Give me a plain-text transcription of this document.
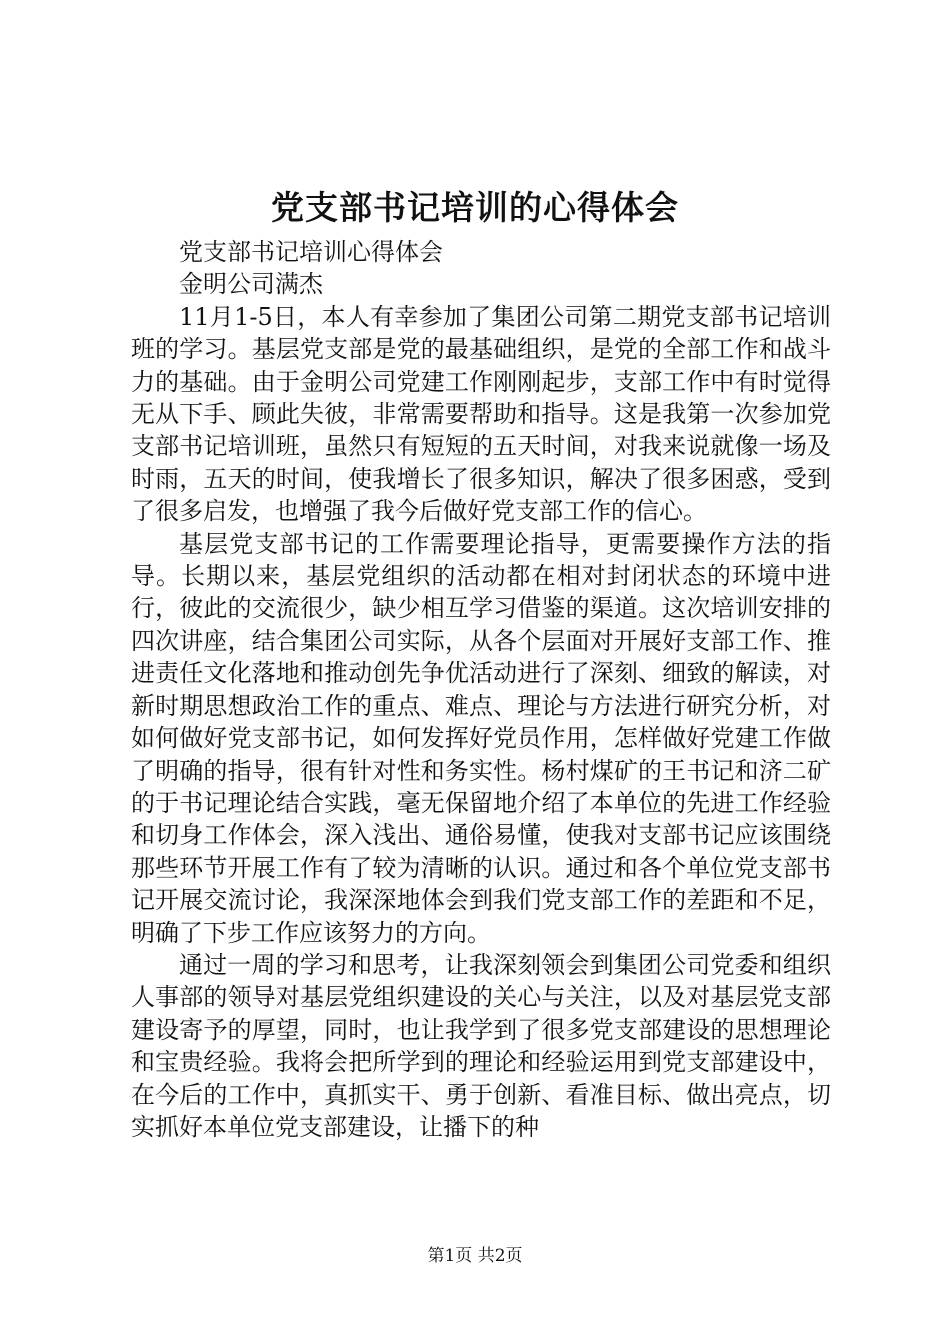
党支部书记培训的心得体会

党支部书记培训心得体会

金明公司满杰

11月1-5日，本人有幸参加了集团公司第二期党支部书记培训班的学习。基层党支部是党的最基础组织，是党的全部工作和战斗力的基础。由于金明公司党建工作刚刚起步，支部工作中有时觉得无从下手、顾此失彼，非常需要帮助和指导。这是我第一次参加党支部书记培训班，虽然只有短短的五天时间，对我来说就像一场及时雨，五天的时间，使我增长了很多知识，解决了很多困惑，受到了很多启发，也增强了我今后做好党支部工作的信心。

基层党支部书记的工作需要理论指导，更需要操作方法的指导。长期以来，基层党组织的活动都在相对封闭状态的环境中进行，彼此的交流很少，缺少相互学习借鉴的渠道。这次培训安排的四次讲座，结合集团公司实际，从各个层面对开展好支部工作、推进责任文化落地和推动创先争优活动进行了深刻、细致的解读，对新时期思想政治工作的重点、难点、理论与方法进行研究分析，对如何做好党支部书记，如何发挥好党员作用，怎样做好党建工作做了明确的指导，很有针对性和务实性。杨村煤矿的王书记和济二矿的于书记理论结合实践，毫无保留地介绍了本单位的先进工作经验和切身工作体会，深入浅出、通俗易懂，使我对支部书记应该围绕那些环节开展工作有了较为清晰的认识。通过和各个单位党支部书记开展交流讨论，我深深地体会到我们党支部工作的差距和不足，明确了下步工作应该努力的方向。

通过一周的学习和思考，让我深刻领会到集团公司党委和组织人事部的领导对基层党组织建设的关心与关注，以及对基层党支部建设寄予的厚望，同时，也让我学到了很多党支部建设的思想理论和宝贵经验。我将会把所学到的理论和经验运用到党支部建设中，在今后的工作中，真抓实干、勇于创新、看准目标、做出亮点，切实抓好本单位党支部建设，让播下的种

第1页 共2页
